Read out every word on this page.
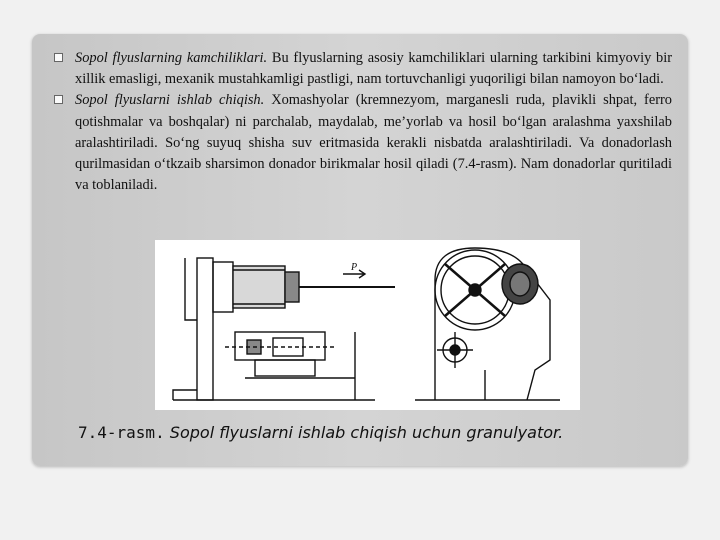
Sopol flyuslarning kamchiliklari. Bu flyuslarning asosiy kamchiliklari ularning tarkibini kimyoviy bir xillik emasligi, mexanik mustahkamligi pastligi, nam tortuvchanligi yuqoriligi bilan namoyon bo‘ladi.

Sopol flyuslarni ishlab chiqish. Xomashyolar (kremnezyom, marganesli ruda, plavikli shpat, ferro qotishmalar va boshqalar) ni parchalab, maydalab, me’yorlab va hosil bo‘lgan aralashma yaxshilab aralashtiriladi. So‘ng suyuq shisha suv eritmasida kerakli nisbatda aralashtiriladi. Va donadorlash qurilmasidan o‘tkzaib sharsimon donador birikmalar hosil qiladi (7.4-rasm). Nam donadorlar quritiladi va toblaniladi.

P
7.4-rasm. Sopol flyuslarni ishlab chiqish uchun granulyator.
